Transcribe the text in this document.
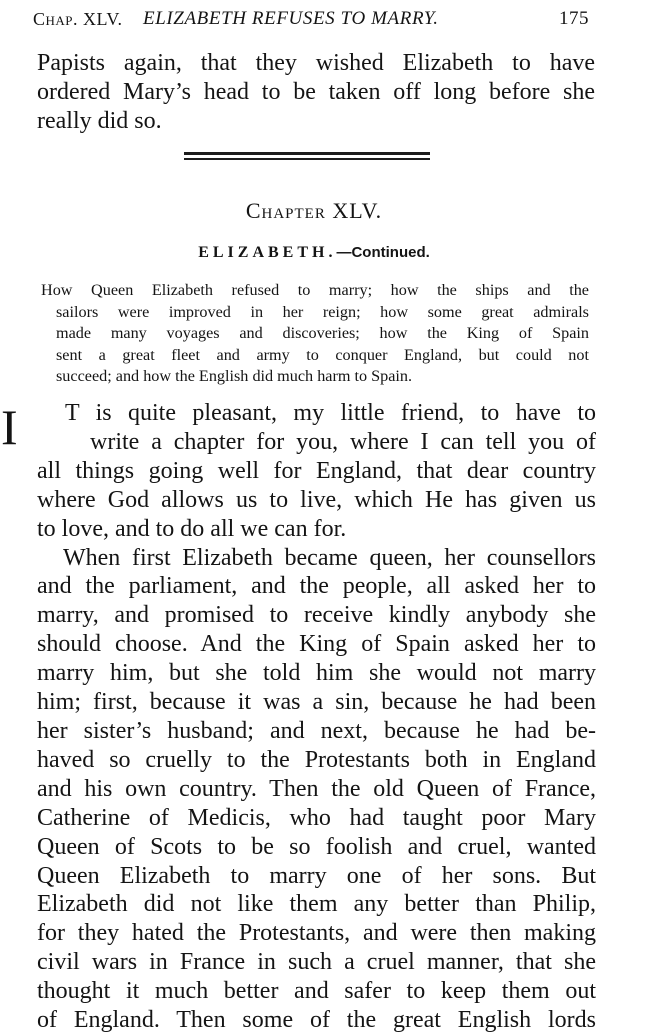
Chap. XLV. ELIZABETH REFUSES TO MARRY.	175
Papists again, that they wished Elizabeth to have
ordered Mary’s head to be taken off long before she
really did so.
Chapter XLV.
ELIZABETH.—Continued.
How Queen Elizabeth refused to marry; how the ships and the
sailors were improved in her reign; how some great admirals
made many voyages and discoveries; how the King of Spain
sent a great fleet and army to conquer England, but could not
succeed; and how the English did much harm to Spain.
I T is quite pleasant, my little friend, to have to
write a chapter for you, where I can tell you of
all things going well for England, that dear country
where God allows us to live, which He has given us
to love, and to do all we can for.
When first Elizabeth became queen, her counsellors
and the parliament, and the people, all asked her to
marry, and promised to receive kindly anybody she
should choose. And the King of Spain asked her to
marry him, but she told him she would not marry
him; first, because it was a sin, because he had been
her sister’s husband; and next, because he had be-
haved so cruelly to the Protestants both in England
and his own country. Then the old Queen of France,
Catherine of Medicis, who had taught poor Mary
Queen of Scots to be so foolish and cruel, wanted
Queen Elizabeth to marry one of her sons. But
Elizabeth did not like them any better than Philip,
for they hated the Protestants, and were then making
civil wars in France in such a cruel manner, that she
thought it much better and safer to keep them out
of England. Then some of the great English lords
